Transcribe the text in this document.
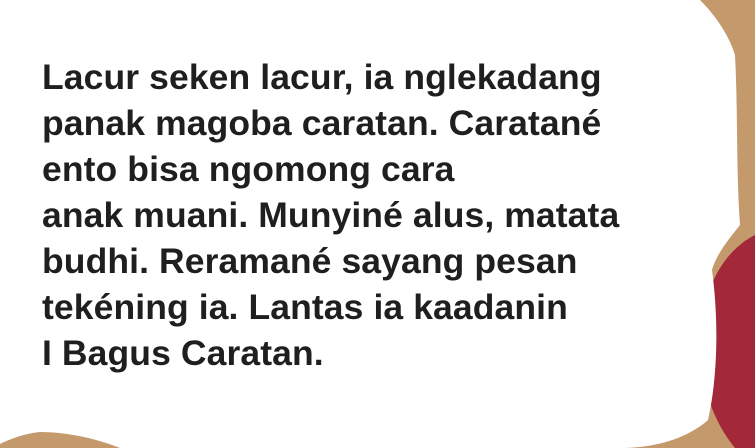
Lacur seken lacur, ia nglekadang
panak magoba caratan. Caratané
ento bisa ngomong cara
anak muani. Munyiné alus, matata
budhi. Reramané sayang pesan
tekéning ia. Lantas ia kaadanin
I Bagus Caratan.
